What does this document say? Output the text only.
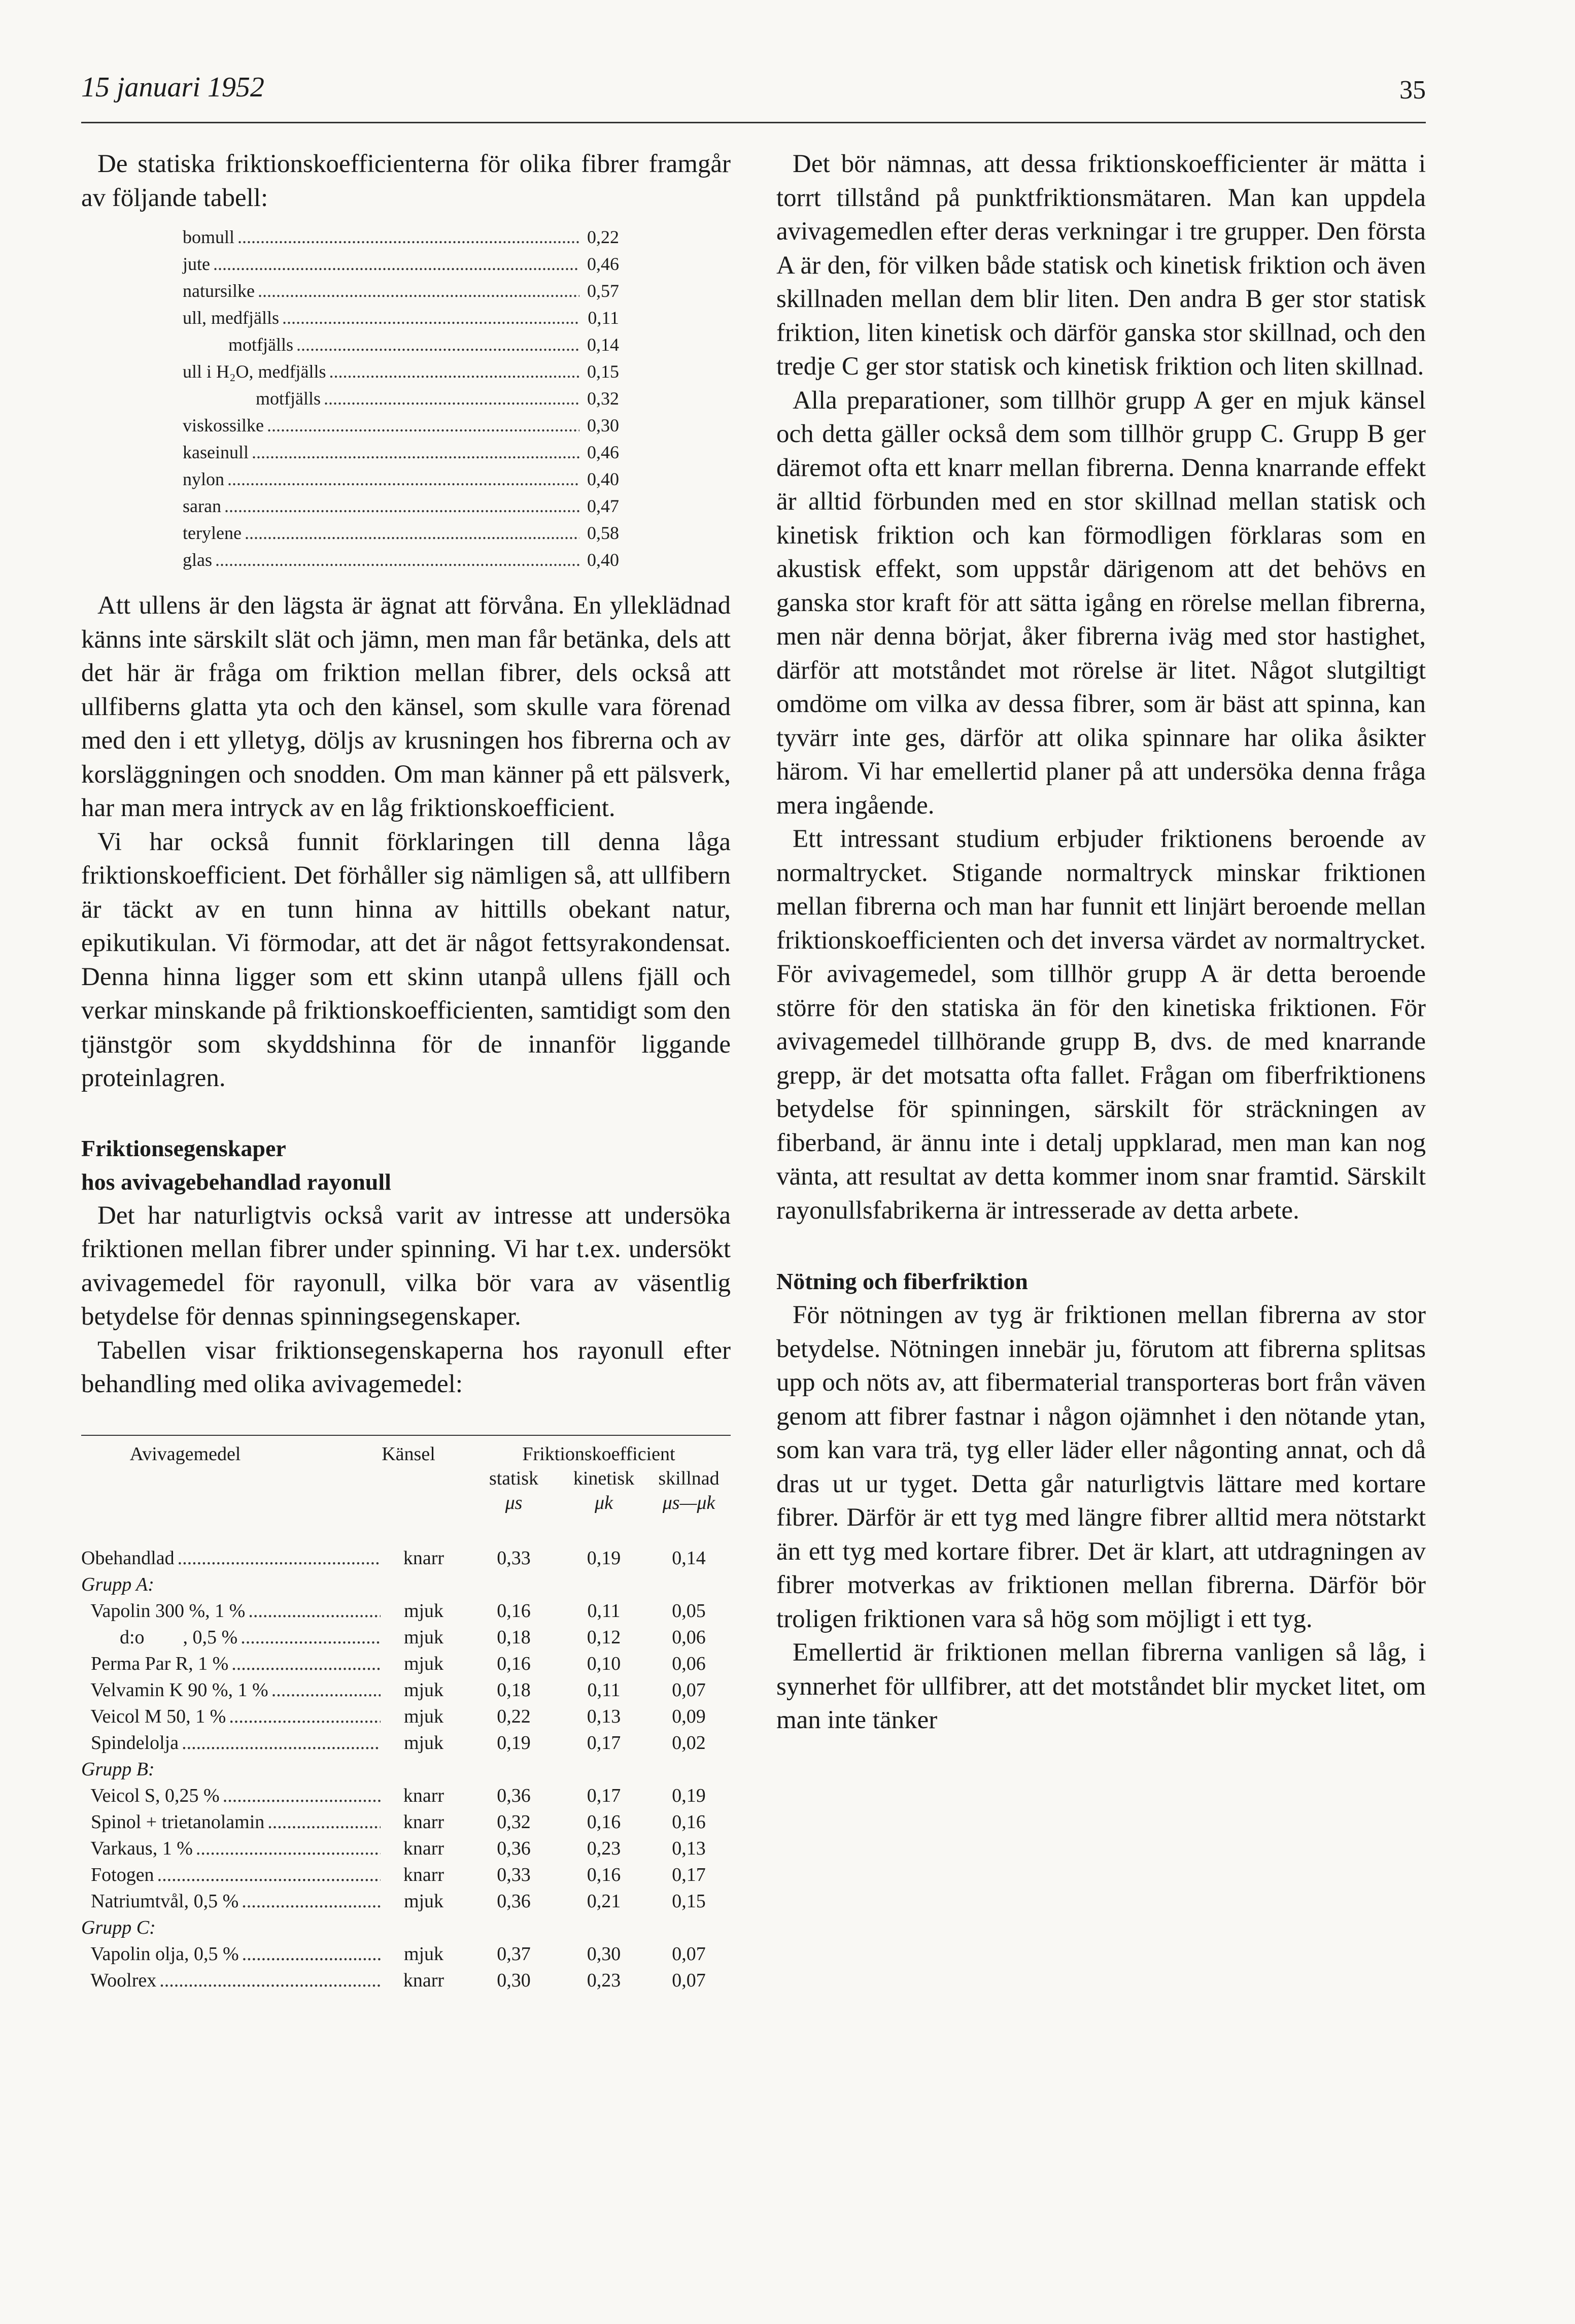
15 januari 1952	35

De statiska friktionskoefficienterna för olika fibrer framgår av följande tabell:

bomull .....	0,22
jute .....	0,46
natursilke .....	0,57
ull, medfjälls .....	0,11
motfjälls .....	0,14
ull i H₂O, medfjälls .....	0,15
motfjälls .....	0,32
viskossilke .....	0,30
kaseinull .....	0,46
nylon .....	0,40
saran .....	0,47
terylene .....	0,58
glas .....	0,40

Att ullens är den lägsta är ägnat att förvåna. En ylleklädnad känns inte särskilt slät och jämn, men man får betänka, dels att det här är fråga om friktion mellan fibrer, dels också att ullfiberns glatta yta och den känsel, som skulle vara förenad med den i ett ylletyg, döljs av krusningen hos fibrerna och av korsläggningen och snodden. Om man känner på ett pälsverk, har man mera intryck av en låg friktionskoefficient.

Vi har också funnit förklaringen till denna låga friktionskoefficient. Det förhåller sig nämligen så, att ullfibern är täckt av en tunn hinna av hittills obekant natur, epikutikulan. Vi förmodar, att det är något fettsyrakondensat. Denna hinna ligger som ett skinn utanpå ullens fjäll och verkar minskande på friktionskoefficienten, samtidigt som den tjänstgör som skyddshinna för de innanför liggande proteinlagren.

Friktionsegenskaper

hos avivagebehandlad rayonull

Det har naturligtvis också varit av intresse att undersöka friktionen mellan fibrer under spinning. Vi har t.ex. undersökt avivagemedel för rayonull, vilka bör vara av väsentlig betydelse för dennas spinningsegenskaper.

Tabellen visar friktionsegenskaperna hos rayonull efter behandling med olika avivagemedel:

Avivagemedel	Känsel	Friktionskoefficient
statisk	kinetisk	skillnad
μs	μk	μs—μk
Obehandlad .....	knarr	0,33	0,19	0,14
Grupp A:
Vapolin 300 %, 1 % .....	mjuk	0,16	0,11	0,05
d:o        , 0,5 % .....	mjuk	0,18	0,12	0,06
Perma Par R, 1 % .....	mjuk	0,16	0,10	0,06
Velvamin K 90 %, 1 % .....	mjuk	0,18	0,11	0,07
Veicol M 50, 1 % .....	mjuk	0,22	0,13	0,09
Spindelolja .....	mjuk	0,19	0,17	0,02
Grupp B:
Veicol S, 0,25 % .....	knarr	0,36	0,17	0,19
Spinol + trietanolamin .....	knarr	0,32	0,16	0,16
Varkaus, 1 % .....	knarr	0,36	0,23	0,13
Fotogen .....	knarr	0,33	0,16	0,17
Natriumtvål, 0,5 % .....	mjuk	0,36	0,21	0,15
Grupp C:
Vapolin olja, 0,5 % .....	mjuk	0,37	0,30	0,07
Woolrex .....	knarr	0,30	0,23	0,07

Det bör nämnas, att dessa friktionskoefficienter är mätta i torrt tillstånd på punktfriktionsmätaren. Man kan uppdela avivagemedlen efter deras verkningar i tre grupper. Den första A är den, för vilken både statisk och kinetisk friktion och även skillnaden mellan dem blir liten. Den andra B ger stor statisk friktion, liten kinetisk och därför ganska stor skillnad, och den tredje C ger stor statisk och kinetisk friktion och liten skillnad.

Alla preparationer, som tillhör grupp A ger en mjuk känsel och detta gäller också dem som tillhör grupp C. Grupp B ger däremot ofta ett knarr mellan fibrerna. Denna knarrande effekt är alltid förbunden med en stor skillnad mellan statisk och kinetisk friktion och kan förmodligen förklaras som en akustisk effekt, som uppstår därigenom att det behövs en ganska stor kraft för att sätta igång en rörelse mellan fibrerna, men när denna börjat, åker fibrerna iväg med stor hastighet, därför att motståndet mot rörelse är litet. Något slutgiltigt omdöme om vilka av dessa fibrer, som är bäst att spinna, kan tyvärr inte ges, därför att olika spinnare har olika åsikter härom. Vi har emellertid planer på att undersöka denna fråga mera ingående.

Ett intressant studium erbjuder friktionens beroende av normaltrycket. Stigande normaltryck minskar friktionen mellan fibrerna och man har funnit ett linjärt beroende mellan friktionskoefficienten och det inversa värdet av normaltrycket. För avivagemedel, som tillhör grupp A är detta beroende större för den statiska än för den kinetiska friktionen. För avivagemedel tillhörande grupp B, dvs. de med knarrande grepp, är det motsatta ofta fallet. Frågan om fiberfriktionens betydelse för spinningen, särskilt för sträckningen av fiberband, är ännu inte i detalj uppklarad, men man kan nog vänta, att resultat av detta kommer inom snar framtid. Särskilt rayonullsfabrikerna är intresserade av detta arbete.

Nötning och fiberfriktion

För nötningen av tyg är friktionen mellan fibrerna av stor betydelse. Nötningen innebär ju, förutom att fibrerna splitsas upp och nöts av, att fibermaterial transporteras bort från väven genom att fibrer fastnar i någon ojämnhet i den nötande ytan, som kan vara trä, tyg eller läder eller någonting annat, och då dras ut ur tyget. Detta går naturligtvis lättare med kortare fibrer. Därför är ett tyg med längre fibrer alltid mera nötstarkt än ett tyg med kortare fibrer. Det är klart, att utdragningen av fibrer motverkas av friktionen mellan fibrerna. Därför bör troligen friktionen vara så hög som möjligt i ett tyg.

Emellertid är friktionen mellan fibrerna vanligen så låg, i synnerhet för ullfibrer, att det motståndet blir mycket litet, om man inte tänker
